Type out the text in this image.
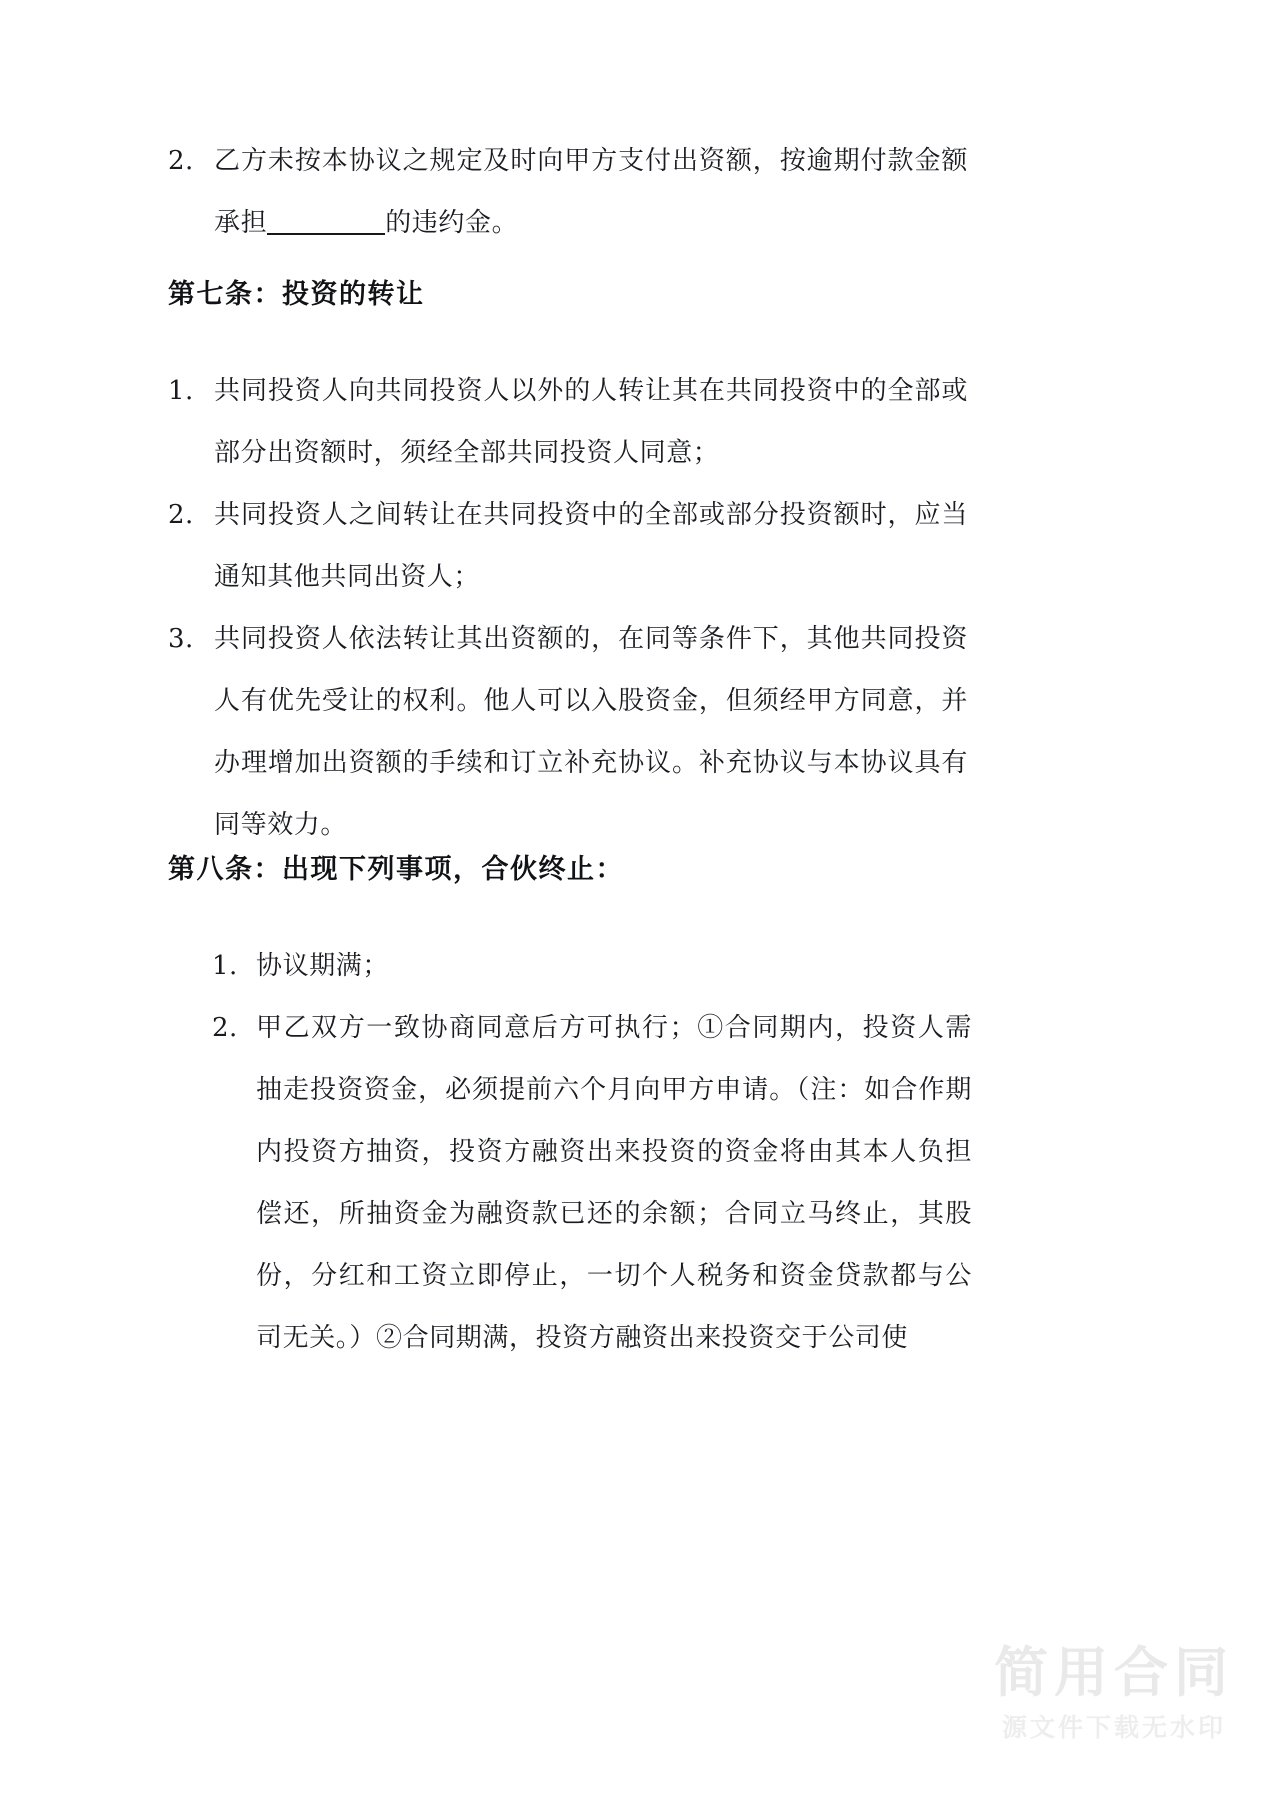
2. 乙方未按本协议之规定及时向甲方支付出资额，按逾期付款金额承担	的违约金。
第七条：投资的转让
1. 共同投资人向共同投资人以外的人转让其在共同投资中的全部或部分出资额时，须经全部共同投资人同意；
2. 共同投资人之间转让在共同投资中的全部或部分投资额时，应当通知其他共同出资人；
3. 共同投资人依法转让其出资额的，在同等条件下，其他共同投资人有优先受让的权利。他人可以入股资金，但须经甲方同意，并办理增加出资额的手续和订立补充协议。补充协议与本协议具有同等效力。
第八条：出现下列事项，合伙终止：
1. 协议期满；
2. 甲乙双方一致协商同意后方可执行；①合同期内，投资人需抽走投资资金，必须提前六个月向甲方申请。（注：如合作期内投资方抽资，投资方融资出来投资的资金将由其本人负担偿还，所抽资金为融资款已还的余额；合同立马终止，其股份，分红和工资立即停止，一切个人税务和资金贷款都与公司无关。）②合同期满，投资方融资出来投资交于公司使
简用合同
源文件下载无水印
